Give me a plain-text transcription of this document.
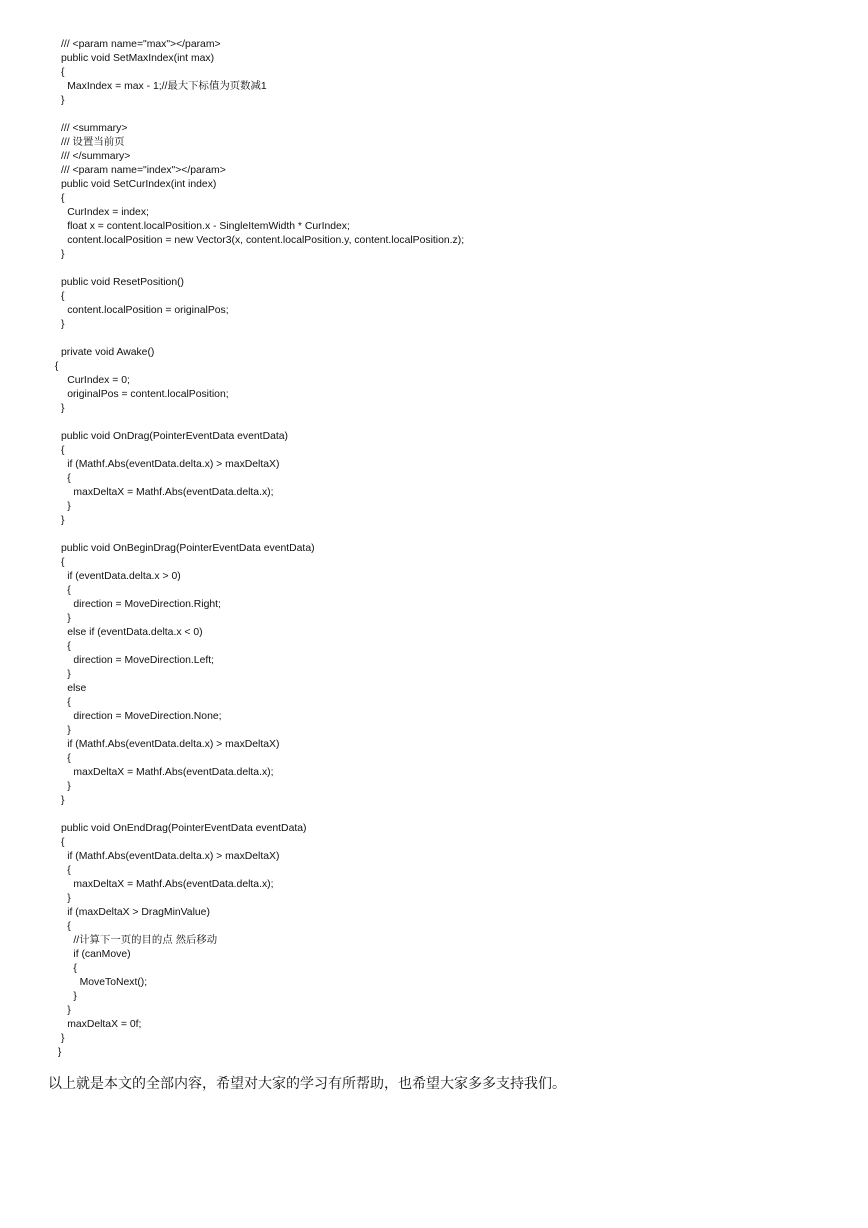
/// <param name="max"></param>
public void SetMaxIndex(int max)
{
MaxIndex = max - 1;//最大下标值为页数减1
}
/// <summary>
/// 设置当前页
/// </summary>
/// <param name="index"></param>
public void SetCurIndex(int index)
{
CurIndex = index;
float x = content.localPosition.x - SingleItemWidth * CurIndex;
content.localPosition = new Vector3(x, content.localPosition.y, content.localPosition.z);
}
public void ResetPosition()
{
content.localPosition = originalPos;
}
private void Awake()
{
CurIndex = 0;
originalPos = content.localPosition;
}
public void OnDrag(PointerEventData eventData)
{
if (Mathf.Abs(eventData.delta.x) > maxDeltaX)
{
maxDeltaX = Mathf.Abs(eventData.delta.x);
}
}
public void OnBeginDrag(PointerEventData eventData)
{
if (eventData.delta.x > 0)
{
direction = MoveDirection.Right;
}
else if (eventData.delta.x < 0)
{
direction = MoveDirection.Left;
}
else
{
direction = MoveDirection.None;
}
if (Mathf.Abs(eventData.delta.x) > maxDeltaX)
{
maxDeltaX = Mathf.Abs(eventData.delta.x);
}
}
public void OnEndDrag(PointerEventData eventData)
{
if (Mathf.Abs(eventData.delta.x) > maxDeltaX)
{
maxDeltaX = Mathf.Abs(eventData.delta.x);
}
if (maxDeltaX > DragMinValue)
{
//计算下一页的目的点 然后移动
if (canMove)
{
MoveToNext();
}
}
maxDeltaX = 0f;
}
}
以上就是本文的全部内容，希望对大家的学习有所帮助，也希望大家多多支持我们。
